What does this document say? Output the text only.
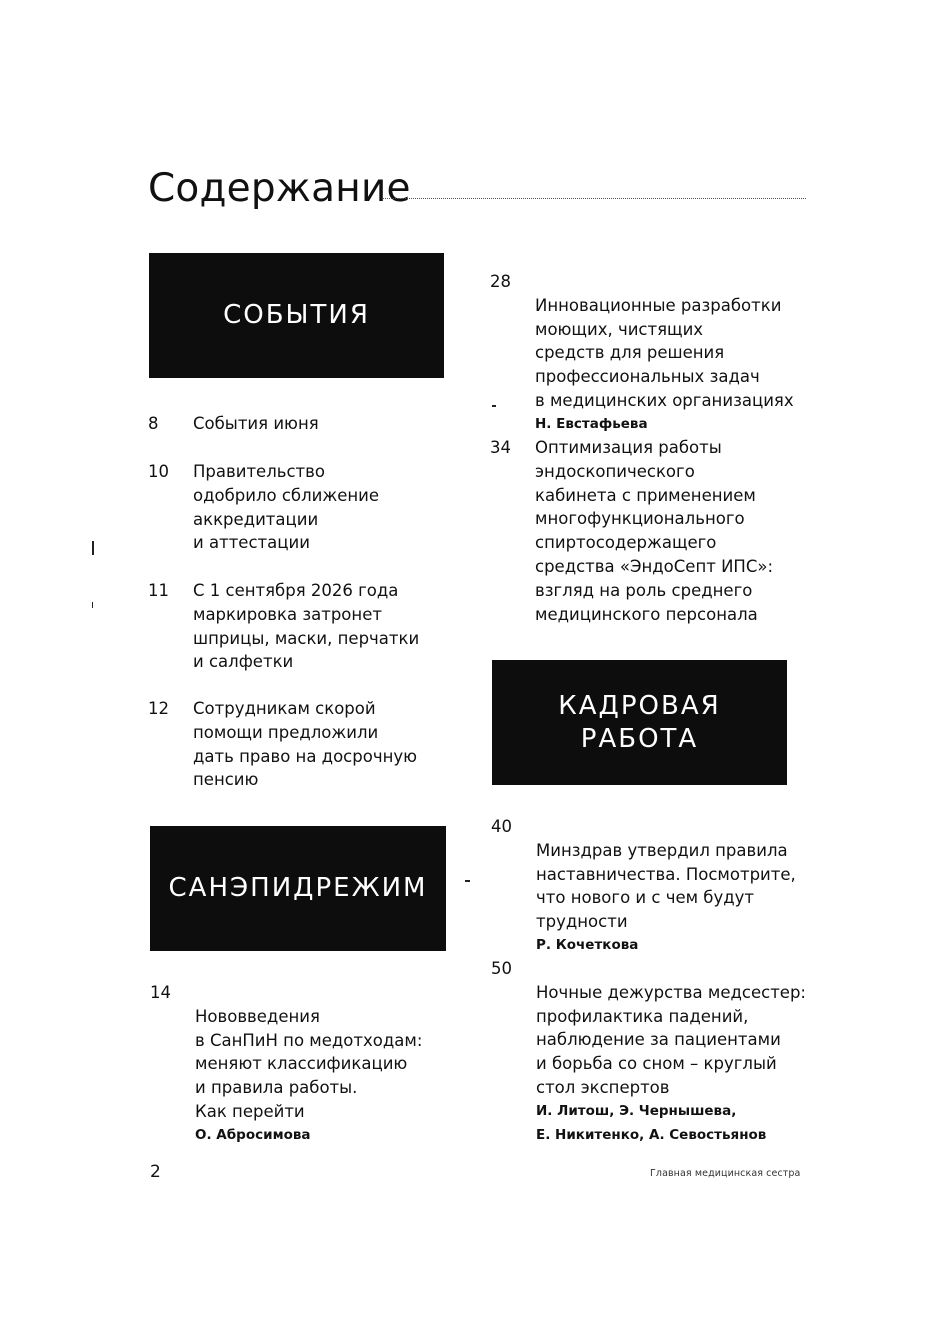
Содержание
СОБЫТИЯ
8 События июня
10 Правительство
одобрило сближение
аккредитации
и аттестации
11 С 1 сентября 2026 года
маркировка затронет
шприцы, маски, перчатки
и салфетки
12 Сотрудникам скорой
помощи предложили
дать право на досрочную
пенсию
САНЭПИДРЕЖИМ
14

Нововведения
в СанПиН по медотходам:
меняют классификацию
и правила работы.
Как перейти

О. Абросимова

28

Инновационные разработки
моющих, чистящих
средств для решения
профессиональных задач
в медицинских организациях

Н. Евстафьева

34 Оптимизация работы
эндоскопического
кабинета с применением
многофункционального
спиртосодержащего
средства «ЭндоСепт ИПС»:
взгляд на роль среднего
медицинского персонала
КАДРОВАЯ
РАБОТА
40

Минздрав утвердил правила
наставничества. Посмотрите,
что нового и с чем будут
трудности

Р. Кочеткова

50

Ночные дежурства медсестер:
профилактика падений,
наблюдение за пациентами
и борьба со сном – круглый
стол экспертов

И. Литош, Э. Чернышева,
Е. Никитенко, А. Севостьянов

2	Главная медицинская сестра
